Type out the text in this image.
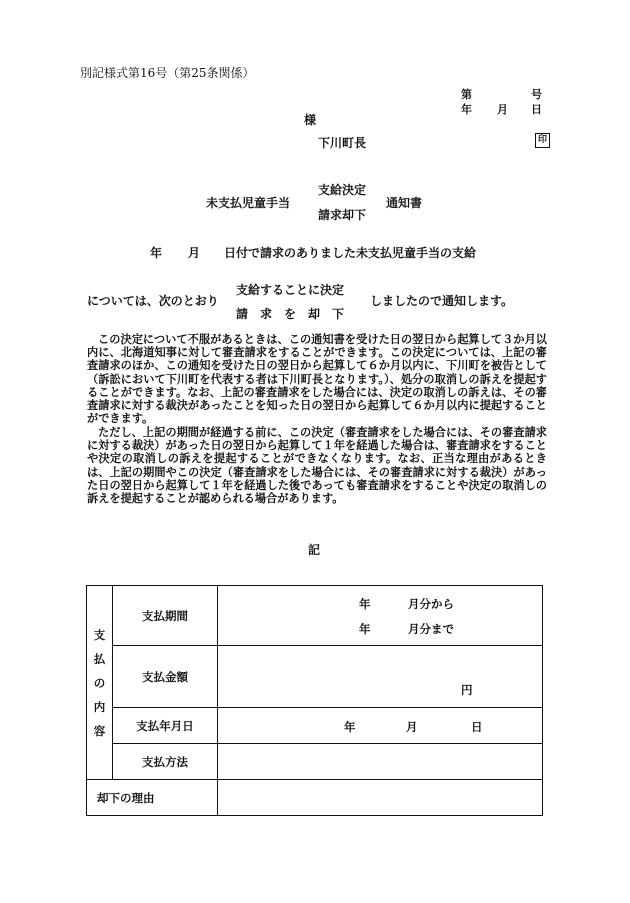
別記様式第16号（第25条関係）
第	号
年 月 日
様
下川町長	印
未支払児童手当
支給決定
請求却下
通知書
年 月 日付で請求のありました未支払児童手当の支給
については、次のとおり
支給することに決定
請　求　を　却　下
しましたので通知します。

この決定について不服があるときは、この通知書を受けた日の翌日から起算して３か月以内に、北海道知事に対して審査請求をすることができます。この決定については、上記の審査請求のほか、この通知を受けた日の翌日から起算して６か月以内に、下川町を被告として（訴訟において下川町を代表する者は下川町長となります。）、処分の取消しの訴えを提起することができます。なお、上記の審査請求をした場合には、決定の取消しの訴えは、その審査請求に対する裁決があったことを知った日の翌日から起算して６か月以内に提起することができます。

ただし、上記の期間が経過する前に、この決定（審査請求をした場合には、その審査請求に対する裁決）があった日の翌日から起算して１年を経過した場合は、審査請求をすることや決定の取消しの訴えを提起することができなくなります。なお、正当な理由があるときは、上記の期間やこの決定（審査請求をした場合には、その審査請求に対する裁決）があった日の翌日から起算して１年を経過した後であっても審査請求をすることや決定の取消しの訴えを提起することが認められる場合があります。

記
支
払
の
内
容	支払期間	年 月分から
年 月分まで

	支払金額	円

	支払年月日	年 月 日

	支払方法	
却下の理由		
